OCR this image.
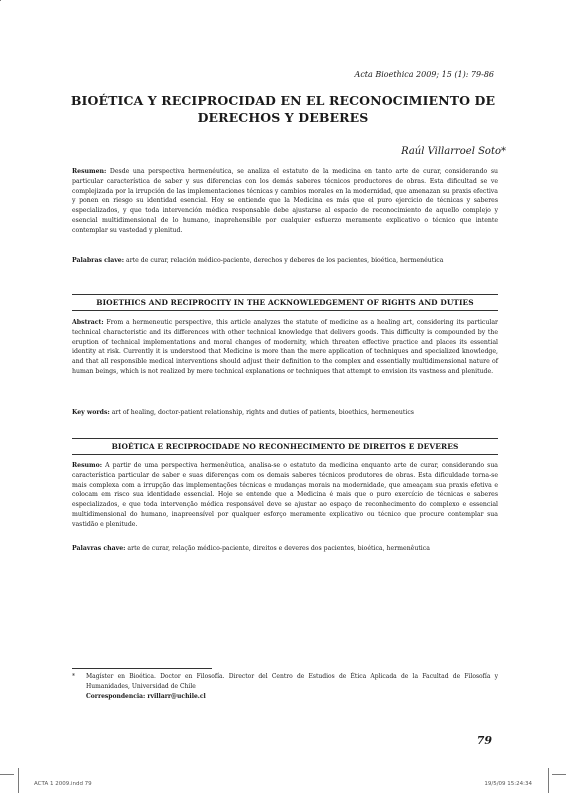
Acta Bioethica 2009; 15 (1): 79-86
BIOÉTICA Y RECIPROCIDAD EN EL RECONOCIMIENTO DE DERECHOS Y DEBERES
Raúl Villarroel Soto*
Resumen: Desde una perspectiva hermenéutica, se analiza el estatuto de la medicina en tanto arte de curar, considerando su particular característica de saber y sus diferencias con los demás saberes técnicos productores de obras. Esta dificultad se ve complejizada por la irrupción de las implementaciones técnicas y cambios morales en la modernidad, que amenazan su praxis efectiva y ponen en riesgo su identidad esencial. Hoy se entiende que la Medicina es más que el puro ejercicio de técnicas y saberes especializados, y que toda intervención médica responsable debe ajustarse al espacio de reconocimiento de aquello complejo y esencial multidimensional de lo humano, inaprehensible por cualquier esfuerzo meramente explicativo o técnico que intente contemplar su vastedad y plenitud.
Palabras clave: arte de curar, relación médico-paciente, derechos y deberes de los pacientes, bioética, hermenéutica
BIOETHICS AND RECIPROCITY IN THE ACKNOWLEDGEMENT OF RIGHTS AND DUTIES
Abstract: From a hermeneutic perspective, this article analyzes the statute of medicine as a healing art, considering its particular technical characteristic and its differences with other technical knowledge that delivers goods. This difficulty is compounded by the eruption of technical implementations and moral changes of modernity, which threaten effective practice and places its essential identity at risk. Currently it is understood that Medicine is more than the mere application of techniques and specialized knowledge, and that all responsible medical interventions should adjust their definition to the complex and essentially multidimensional nature of human beings, which is not realized by mere technical explanations or techniques that attempt to envision its vastness and plenitude.
Key words: art of healing, doctor-patient relationship, rights and duties of patients, bioethics, hermeneutics
BIOÉTICA E RECIPROCIDADE NO RECONHECIMENTO DE DIREITOS E DEVERES
Resumo: A partir de uma perspectiva hermenêutica, analisa-se o estatuto da medicina enquanto arte de curar, considerando sua característica particular de saber e suas diferenças com os demais saberes técnicos produtores de obras. Esta dificuldade torna-se mais complexa com a irrupção das implementações técnicas e mudanças morais na modernidade, que ameaçam sua praxis efetiva e colocam em risco sua identidade essencial. Hoje se entende que a Medicina é mais que o puro exercício de técnicas e saberes especializados, e que toda intervenção médica responsável deve se ajustar ao espaço de reconhecimento do complexo e essencial multidimensional do humano, inapreensível por qualquer esforço meramente explicativo ou técnico que procure contemplar sua vastidão e plenitude.
Palavras chave: arte de curar, relação médico-paciente, direitos e deveres dos pacientes, bioética, hermenêutica
* Magíster en Bioética. Doctor en Filosofía. Director del Centro de Estudios de Ética Aplicada de la Facultad de Filosofía y Humanidades, Universidad de Chile
Correspondencia: rvillarr@uchile.cl
79
ACTA 1 2009.indd 79	19/5/09 15:24:34
